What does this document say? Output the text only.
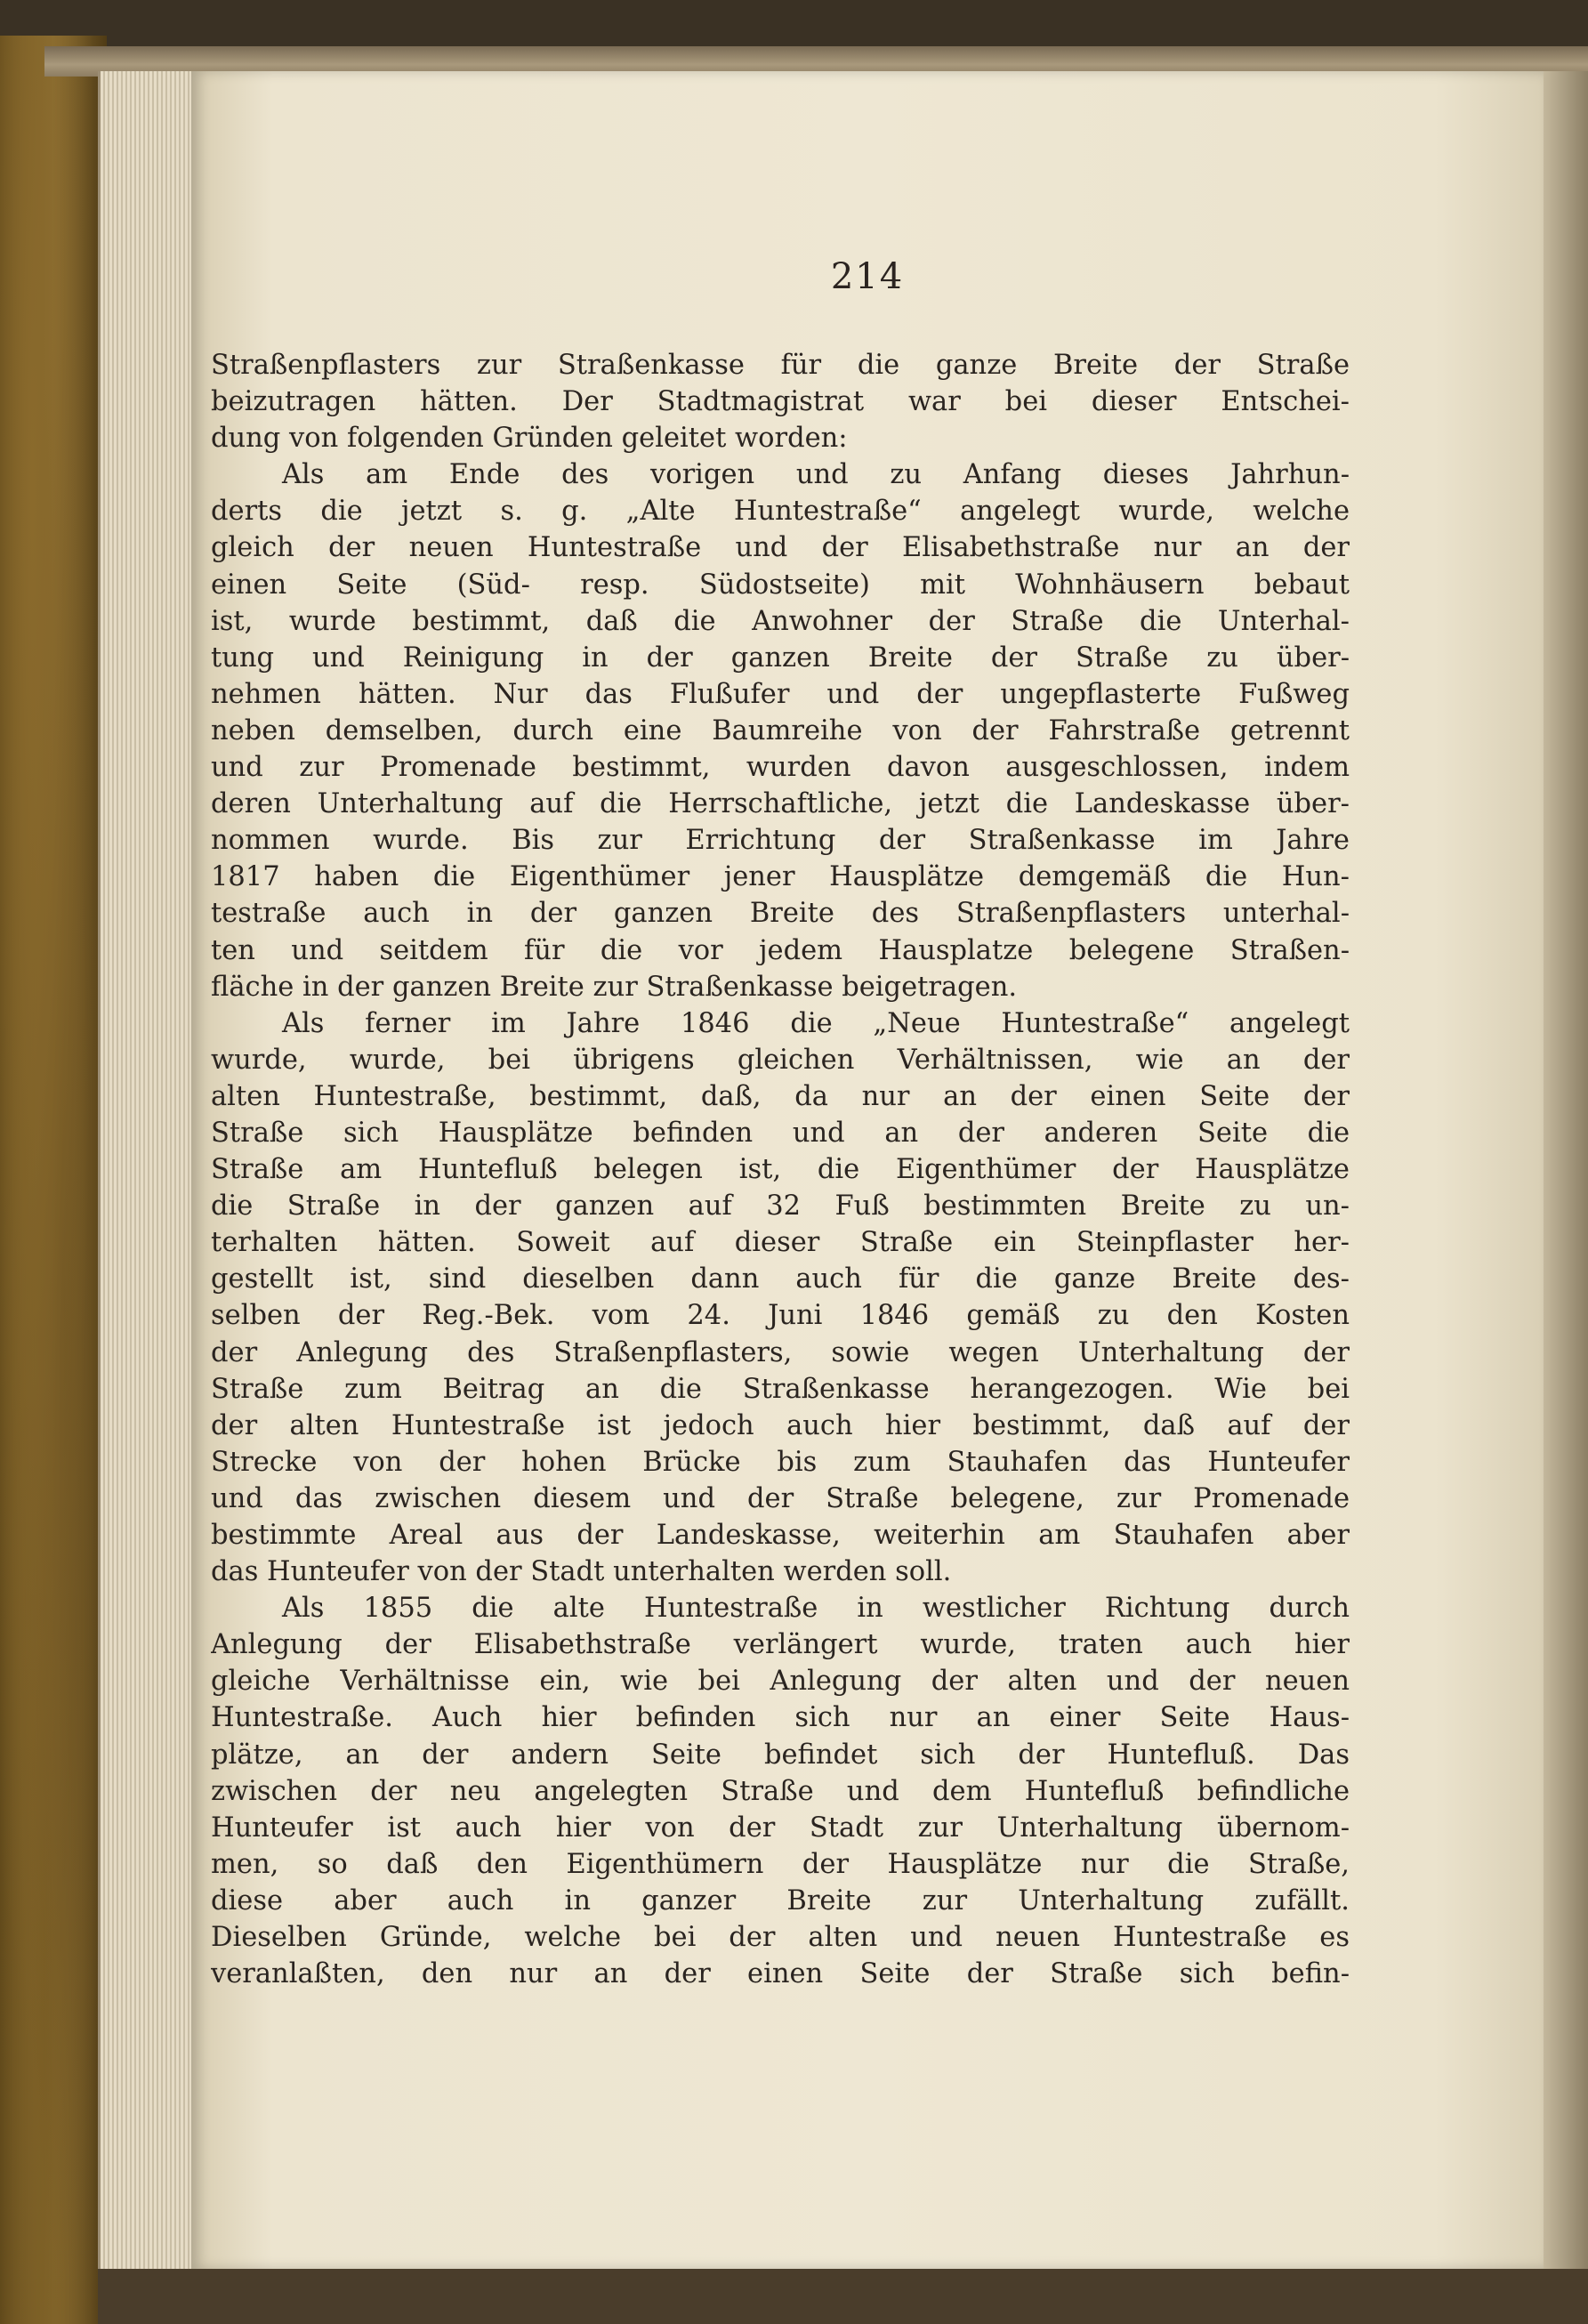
214
Straßenpflasters zur Straßenkasse für die ganze Breite der Straße
beizutragen hätten. Der Stadtmagistrat war bei dieser Entschei-
dung von folgenden Gründen geleitet worden:
Als am Ende des vorigen und zu Anfang dieses Jahrhun-
derts die jetzt s. g. „Alte Huntestraße“ angelegt wurde, welche
gleich der neuen Huntestraße und der Elisabethstraße nur an der
einen Seite (Süd- resp. Südostseite) mit Wohnhäusern bebaut
ist, wurde bestimmt, daß die Anwohner der Straße die Unterhal-
tung und Reinigung in der ganzen Breite der Straße zu über-
nehmen hätten. Nur das Flußufer und der ungepflasterte Fußweg
neben demselben, durch eine Baumreihe von der Fahrstraße getrennt
und zur Promenade bestimmt, wurden davon ausgeschlossen, indem
deren Unterhaltung auf die Herrschaftliche, jetzt die Landeskasse über-
nommen wurde. Bis zur Errichtung der Straßenkasse im Jahre
1817 haben die Eigenthümer jener Hausplätze demgemäß die Hun-
testraße auch in der ganzen Breite des Straßenpflasters unterhal-
ten und seitdem für die vor jedem Hausplatze belegene Straßen-
fläche in der ganzen Breite zur Straßenkasse beigetragen.
Als ferner im Jahre 1846 die „Neue Huntestraße“ angelegt
wurde, wurde, bei übrigens gleichen Verhältnissen, wie an der
alten Huntestraße, bestimmt, daß, da nur an der einen Seite der
Straße sich Hausplätze befinden und an der anderen Seite die
Straße am Huntefluß belegen ist, die Eigenthümer der Hausplätze
die Straße in der ganzen auf 32 Fuß bestimmten Breite zu un-
terhalten hätten. Soweit auf dieser Straße ein Steinpflaster her-
gestellt ist, sind dieselben dann auch für die ganze Breite des-
selben der Reg.-Bek. vom 24. Juni 1846 gemäß zu den Kosten
der Anlegung des Straßenpflasters, sowie wegen Unterhaltung der
Straße zum Beitrag an die Straßenkasse herangezogen. Wie bei
der alten Huntestraße ist jedoch auch hier bestimmt, daß auf der
Strecke von der hohen Brücke bis zum Stauhafen das Hunteufer
und das zwischen diesem und der Straße belegene, zur Promenade
bestimmte Areal aus der Landeskasse, weiterhin am Stauhafen aber
das Hunteufer von der Stadt unterhalten werden soll.
Als 1855 die alte Huntestraße in westlicher Richtung durch
Anlegung der Elisabethstraße verlängert wurde, traten auch hier
gleiche Verhältnisse ein, wie bei Anlegung der alten und der neuen
Huntestraße. Auch hier befinden sich nur an einer Seite Haus-
plätze, an der andern Seite befindet sich der Huntefluß. Das
zwischen der neu angelegten Straße und dem Huntefluß befindliche
Hunteufer ist auch hier von der Stadt zur Unterhaltung übernom-
men, so daß den Eigenthümern der Hausplätze nur die Straße,
diese aber auch in ganzer Breite zur Unterhaltung zufällt.
Dieselben Gründe, welche bei der alten und neuen Huntestraße es
veranlaßten, den nur an der einen Seite der Straße sich befin-
